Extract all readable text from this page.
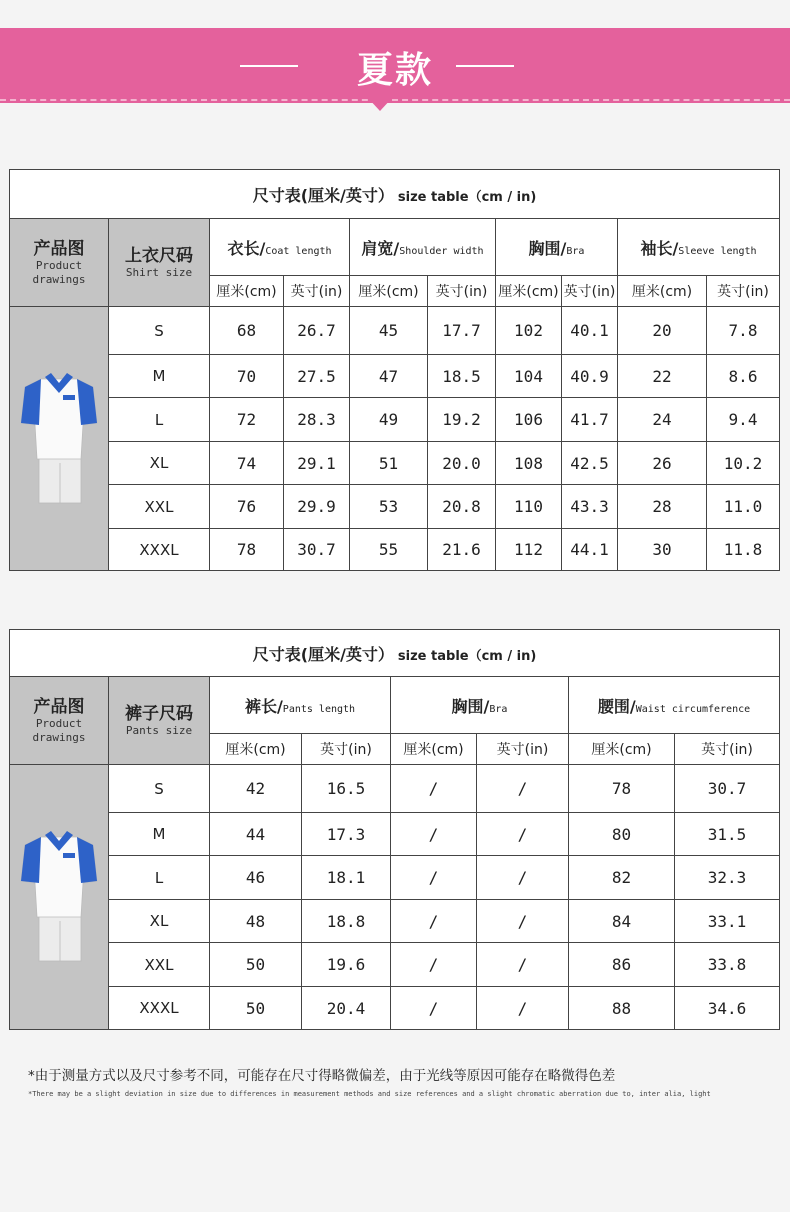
夏款
尺寸表(厘米/英寸） size table（cm / in)									

产品图
Product drawings	上衣尺码
Shirt size	衣长/Coat length		肩宽/Shoulder width		胸围/Bra		袖长/Sleeve length	
		厘米(cm)	英寸(in)	厘米(cm)	英寸(in)	厘米(cm)	英寸(in)	厘米(cm)	英寸(in)
	S	68	26.7	45	17.7	102	40.1	20	7.8
	M	70	27.5	47	18.5	104	40.9	22	8.6
	L	72	28.3	49	19.2	106	41.7	24	9.4
	XL	74	29.1	51	20.0	108	42.5	26	10.2
	XXL	76	29.9	53	20.8	110	43.3	28	11.0
	XXXL	78	30.7	55	21.6	112	44.1	30	11.8
尺寸表(厘米/英寸） size table（cm / in)							

产品图
Product drawings	裤子尺码
Pants size	裤长/Pants length		胸围/Bra		腰围/Waist circumference	
		厘米(cm)	英寸(in)	厘米(cm)	英寸(in)	厘米(cm)	英寸(in)
	S	42	16.5	/	/	78	30.7
	M	44	17.3	/	/	80	31.5
	L	46	18.1	/	/	82	32.3
	XL	48	18.8	/	/	84	33.1
	XXL	50	19.6	/	/	86	33.8
	XXXL	50	20.4	/	/	88	34.6
*由于测量方式以及尺寸参考不同，可能存在尺寸得略微偏差，由于光线等原因可能存在略微得色差
*There may be a slight deviation in size due to differences in measurement methods and size references and a slight chromatic aberration due to, inter alia, light
